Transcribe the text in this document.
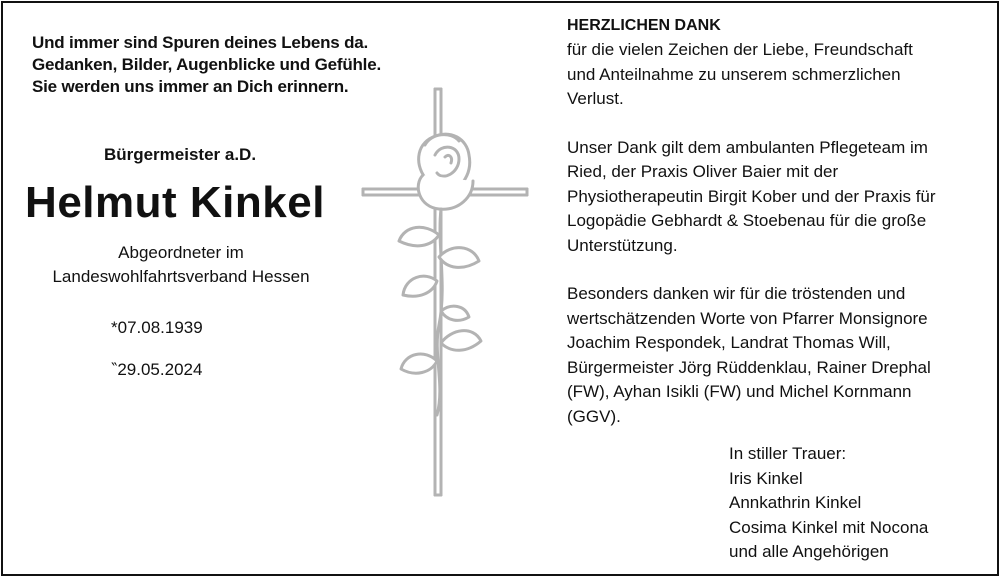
Und immer sind Spuren deines Lebens da.
Gedanken, Bilder, Augenblicke und Gefühle.
Sie werden uns immer an Dich erinnern.
Bürgermeister a.D.
Helmut Kinkel
Abgeordneter im
Landeswohlfahrtsverband Hessen
*07.08.1939
‶29.05.2024
HERZLICHEN DANK
für die vielen Zeichen der Liebe, Freundschaft
und Anteilnahme zu unserem schmerzlichen
Verlust.
Unser Dank gilt dem ambulanten Pflegeteam im
Ried, der Praxis Oliver Baier mit der
Physiotherapeutin Birgit Kober und der Praxis für
Logopädie Gebhardt & Stoebenau für die große
Unterstützung.
Besonders danken wir für die tröstenden und
wertschätzenden Worte von Pfarrer Monsignore
Joachim Respondek, Landrat Thomas Will,
Bürgermeister Jörg Rüddenklau, Rainer Drephal
(FW), Ayhan Isikli (FW) und Michel Kornmann
(GGV).
In stiller Trauer:
Iris Kinkel
Annkathrin Kinkel
Cosima Kinkel mit Nocona
und alle Angehörigen
